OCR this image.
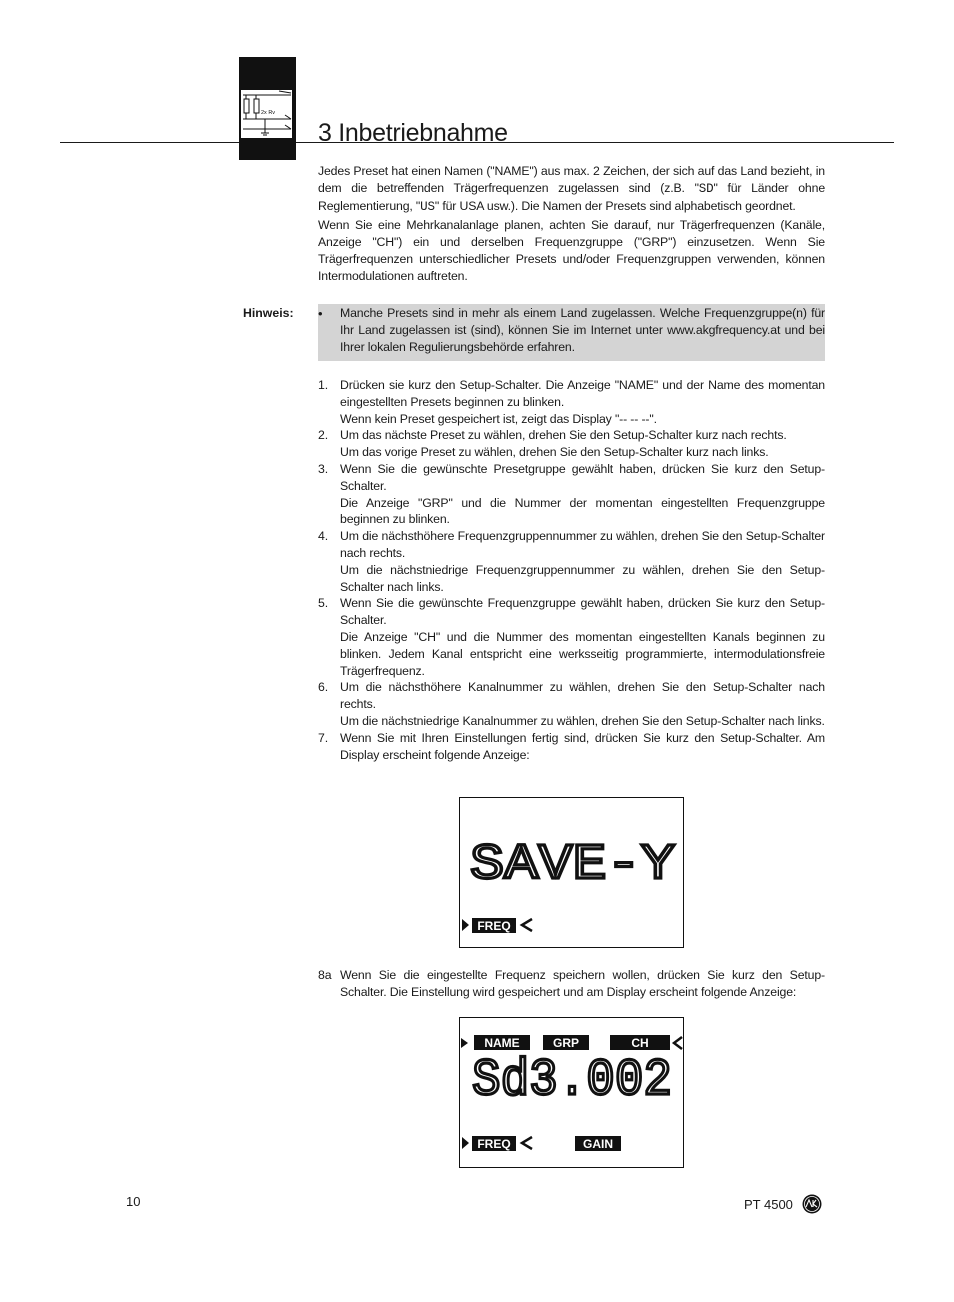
2x Rv
3 Inbetriebnahme
Jedes Preset hat einen Namen ("NAME") aus max. 2 Zeichen, der sich auf das Land bezieht, in dem die betreffenden Trägerfrequenzen zugelassen sind (z.B. "SD" für Länder ohne Reglementierung, "US" für USA usw.). Die Namen der Presets sind alphabetisch geordnet.
Wenn Sie eine Mehrkanalanlage planen, achten Sie darauf, nur Trägerfrequenzen (Kanäle, Anzeige "CH") ein und derselben Frequenzgruppe ("GRP") einzusetzen. Wenn Sie Trägerfrequenzen unterschiedlicher Presets und/oder Frequenzgruppen verwenden, können Intermodulationen auftreten.
Hinweis: • Manche Presets sind in mehr als einem Land zugelassen. Welche Frequenzgruppe(n) für Ihr Land zugelassen ist (sind), können Sie im Internet unter www.akgfrequency.at und bei Ihrer lokalen Regulierungsbehörde erfahren.
1. Drücken sie kurz den Setup-Schalter. Die Anzeige "NAME" und der Name des momentan eingestellten Presets beginnen zu blinken.
Wenn kein Preset gespeichert ist, zeigt das Display "-- -- --".
2. Um das nächste Preset zu wählen, drehen Sie den Setup-Schalter kurz nach rechts.
Um das vorige Preset zu wählen, drehen Sie den Setup-Schalter kurz nach links.
3. Wenn Sie die gewünschte Presetgruppe gewählt haben, drücken Sie kurz den Setup-Schalter.
Die Anzeige "GRP" und die Nummer der momentan eingestellten Frequenzgruppe beginnen zu blinken.
4. Um die nächsthöhere Frequenzgruppennummer zu wählen, drehen Sie den Setup-Schalter nach rechts.
Um die nächstniedrige Frequenzgruppennummer zu wählen, drehen Sie den Setup-Schalter nach links.
5. Wenn Sie die gewünschte Frequenzgruppe gewählt haben, drücken Sie kurz den Setup-Schalter.
Die Anzeige "CH" und die Nummer des momentan eingestellten Kanals beginnen zu blinken. Jedem Kanal entspricht eine werksseitig programmierte, intermodulationsfreie Trägerfrequenz.
6. Um die nächsthöhere Kanalnummer zu wählen, drehen Sie den Setup-Schalter nach rechts.
Um die nächstniedrige Kanalnummer zu wählen, drehen Sie den Setup-Schalter nach links.
7. Wenn Sie mit Ihren Einstellungen fertig sind, drücken Sie kurz den Setup-Schalter. Am Display erscheint folgende Anzeige:
SAVE-Y
FREQ
8a Wenn Sie die eingestellte Frequenz speichern wollen, drücken Sie kurz den Setup-Schalter. Die Einstellung wird gespeichert und am Display erscheint folgende Anzeige:
NAME	GRP	CH
Sd3.002
FREQ	GAIN
10	PT 4500
